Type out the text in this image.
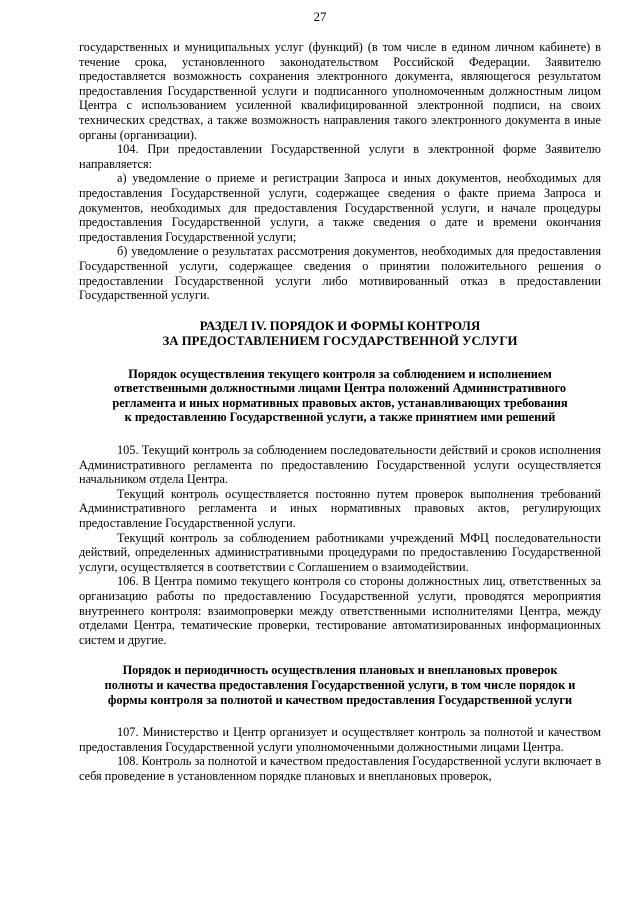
27

государственных и муниципальных услуг (функций) (в том числе в едином личном кабинете) в течение срока, установленного законодательством Российской Федерации. Заявителю предоставляется возможность сохранения электронного документа, являющегося результатом предоставления Государственной услуги и подписанного уполномоченным должностным лицом Центра с использованием усиленной квалифицированной электронной подписи, на своих технических средствах, а также возможность направления такого электронного документа в иные органы (организации).

104. При предоставлении Государственной услуги в электронной форме Заявителю направляется:

а) уведомление о приеме и регистрации Запроса и иных документов, необходимых для предоставления Государственной услуги, содержащее сведения о факте приема Запроса и документов, необходимых для предоставления Государственной услуги, и начале процедуры предоставления Государственной услуги, а также сведения о дате и времени окончания предоставления Государственной услуги;

б) уведомление о результатах рассмотрения документов, необходимых для предоставления Государственной услуги, содержащее сведения о принятии положительного решения о предоставлении Государственной услуги либо мотивированный отказ в предоставлении Государственной услуги.

РАЗДЕЛ IV. ПОРЯДОК И ФОРМЫ КОНТРОЛЯ

ЗА ПРЕДОСТАВЛЕНИЕМ ГОСУДАРСТВЕННОЙ УСЛУГИ

Порядок осуществления текущего контроля за соблюдением и исполнением

ответственными должностными лицами Центра положений Административного

регламента и иных нормативных правовых актов, устанавливающих требования

к предоставлению Государственной услуги, а также принятием ими решений

105. Текущий контроль за соблюдением последовательности действий и сроков исполнения Административного регламента по предоставлению Государственной услуги осуществляется начальником отдела Центра.

Текущий контроль осуществляется постоянно путем проверок выполнения требований Административного регламента и иных нормативных правовых актов, регулирующих предоставление Государственной услуги.

Текущий контроль за соблюдением работниками учреждений МФЦ последовательности действий, определенных административными процедурами по предоставлению Государственной услуги, осуществляется в соответствии с Соглашением о взаимодействии.

106. В Центра помимо текущего контроля со стороны должностных лиц, ответственных за организацию работы по предоставлению Государственной услуги, проводятся мероприятия внутреннего контроля: взаимопроверки между ответственными исполнителями Центра, между отделами Центра, тематические проверки, тестирование автоматизированных информационных систем и другие.

Порядок и периодичность осуществления плановых и внеплановых проверок

полноты и качества предоставления Государственной услуги, в том числе порядок и

формы контроля за полнотой и качеством предоставления Государственной услуги

107. Министерство и Центр организует и осуществляет контроль за полнотой и качеством предоставления Государственной услуги уполномоченными должностными лицами Центра.

108. Контроль за полнотой и качеством предоставления Государственной услуги включает в себя проведение в установленном порядке плановых и внеплановых проверок,
